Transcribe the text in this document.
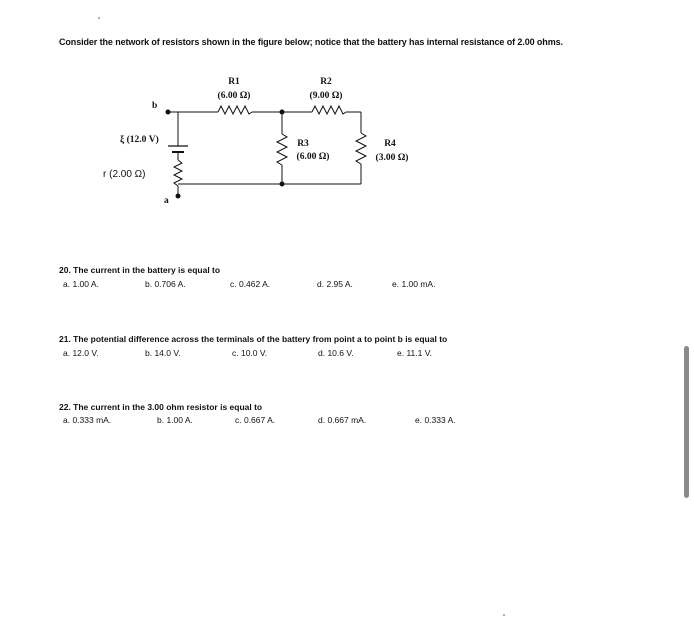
Consider the network of resistors shown in the figure below; notice that the battery has internal resistance of 2.00 ohms.
R1
(6.00 Ω)
R2
(9.00 Ω)
R3
(6.00 Ω)
R4
(3.00 Ω)
ξ (12.0 V)
r (2.00 Ω)
b
a
20. The current in the battery is equal to
a. 1.00 A.	b. 0.706 A.	c. 0.462 A.	d. 2.95 A.	e. 1.00 mA.
21. The potential difference across the terminals of the battery from point a to point b is equal to
a. 12.0 V.	b. 14.0 V.	c. 10.0 V.	d. 10.6 V.	e. 11.1 V.
22. The current in the 3.00 ohm resistor is equal to
a. 0.333 mA.	b. 1.00 A.	c. 0.667 A.	d. 0.667 mA.	e. 0.333 A.
